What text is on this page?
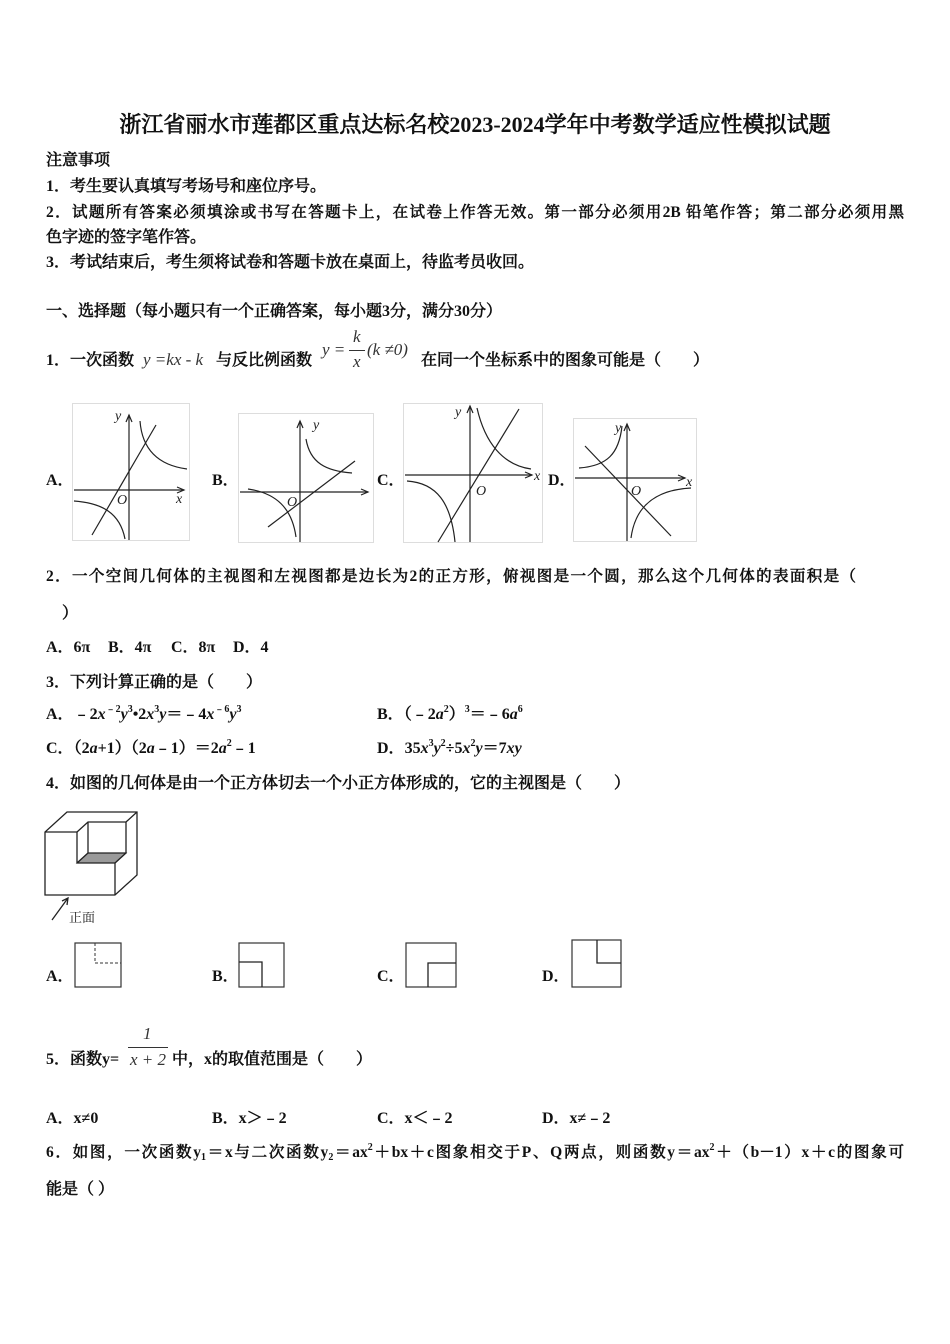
浙江省丽水市莲都区重点达标名校2023-2024学年中考数学适应性模拟试题
注意事项
1．考生要认真填写考场号和座位序号。
2．试题所有答案必须填涂或书写在答题卡上，在试卷上作答无效。第一部分必须用2B 铅笔作答；第二部分必须用黑
色字迹的签字笔作答。
3．考试结束后，考生须将试卷和答题卡放在桌面上，待监考员收回。
一、选择题（每小题只有一个正确答案，每小题3分，满分30分）
1．一次函数 y =kx - k 与反比例函数
y =
k
x
(k ≠0)
在同一个坐标系中的图象可能是（　　）
A．	B．	C．	D．
y
x
O
y
O
y
x
O
y
x
O
2．一个空间几何体的主视图和左视图都是边长为2的正方形，俯视图是一个圆，那么这个几何体的表面积是（
）
A．6π B．4π C．8π D．4
3．下列计算正确的是（　　）
A．$﹣2x^{﹣2}y^3•2x^3y=﹣4x^{﹣6}y^3$	B．$(﹣2a^2)^3=﹣6a^6$
C．$(2a+1)(2a﹣1)=2a^2﹣1$	D．$35x^3y^2\div 5x^2y=7xy$
4．如图的几何体是由一个正方体切去一个小正方体形成的，它的主视图是（　　）
正面
A．	B．	C．	D．
5．函数y=
1
x + 2 中，x的取值范围是（　　）
A．x≠0	B．x＞﹣2	C．x＜﹣2	D．x≠﹣2
6．如图，一次函数$y_1=x$与二次函数$y_2=ax^2+bx+c$图象相交于P、Q两点，则函数$y=ax^2+(b-1)x+c$的图象可
能是（ ）
